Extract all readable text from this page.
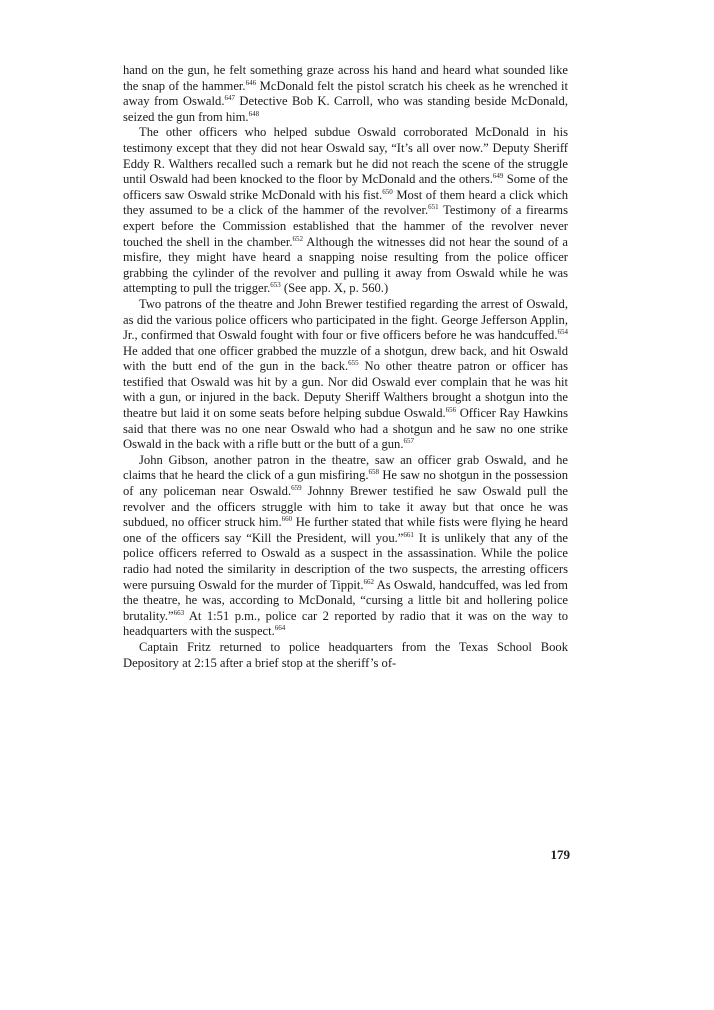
hand on the gun, he felt something graze across his hand and heard what sounded like the snap of the hammer.$^{646}$ McDonald felt the pistol scratch his cheek as he wrenched it away from Oswald.$^{647}$ Detective Bob K. Carroll, who was standing beside McDonald, seized the gun from him.$^{648}$

The other officers who helped subdue Oswald corroborated McDonald in his testimony except that they did not hear Oswald say, “It’s all over now.” Deputy Sheriff Eddy R. Walthers recalled such a remark but he did not reach the scene of the struggle until Oswald had been knocked to the floor by McDonald and the others.$^{649}$ Some of the officers saw Oswald strike McDonald with his fist.$^{650}$ Most of them heard a click which they assumed to be a click of the hammer of the revolver.$^{651}$ Testimony of a firearms expert before the Commission established that the hammer of the revolver never touched the shell in the chamber.$^{652}$ Although the witnesses did not hear the sound of a misfire, they might have heard a snapping noise resulting from the police officer grabbing the cylinder of the revolver and pulling it away from Oswald while he was attempting to pull the trigger.$^{653}$ (See app. X, p. 560.)

Two patrons of the theatre and John Brewer testified regarding the arrest of Oswald, as did the various police officers who participated in the fight. George Jefferson Applin, Jr., confirmed that Oswald fought with four or five officers before he was handcuffed.$^{654}$ He added that one officer grabbed the muzzle of a shotgun, drew back, and hit Oswald with the butt end of the gun in the back.$^{655}$ No other theatre patron or officer has testified that Oswald was hit by a gun. Nor did Oswald ever complain that he was hit with a gun, or injured in the back. Deputy Sheriff Walthers brought a shotgun into the theatre but laid it on some seats before helping subdue Oswald.$^{656}$ Officer Ray Hawkins said that there was no one near Oswald who had a shotgun and he saw no one strike Oswald in the back with a rifle butt or the butt of a gun.$^{657}$

John Gibson, another patron in the theatre, saw an officer grab Oswald, and he claims that he heard the click of a gun misfiring.$^{658}$ He saw no shotgun in the possession of any policeman near Oswald.$^{659}$ Johnny Brewer testified he saw Oswald pull the revolver and the officers struggle with him to take it away but that once he was subdued, no officer struck him.$^{660}$ He further stated that while fists were flying he heard one of the officers say “Kill the President, will you.”$^{661}$ It is unlikely that any of the police officers referred to Oswald as a suspect in the assassination. While the police radio had noted the similarity in description of the two suspects, the arresting officers were pursuing Oswald for the murder of Tippit.$^{662}$ As Oswald, handcuffed, was led from the theatre, he was, according to McDonald, “cursing a little bit and hollering police brutality.”$^{663}$ At 1:51 p.m., police car 2 reported by radio that it was on the way to headquarters with the suspect.$^{664}$

Captain Fritz returned to police headquarters from the Texas School Book Depository at 2:15 after a brief stop at the sheriff’s of-

179
